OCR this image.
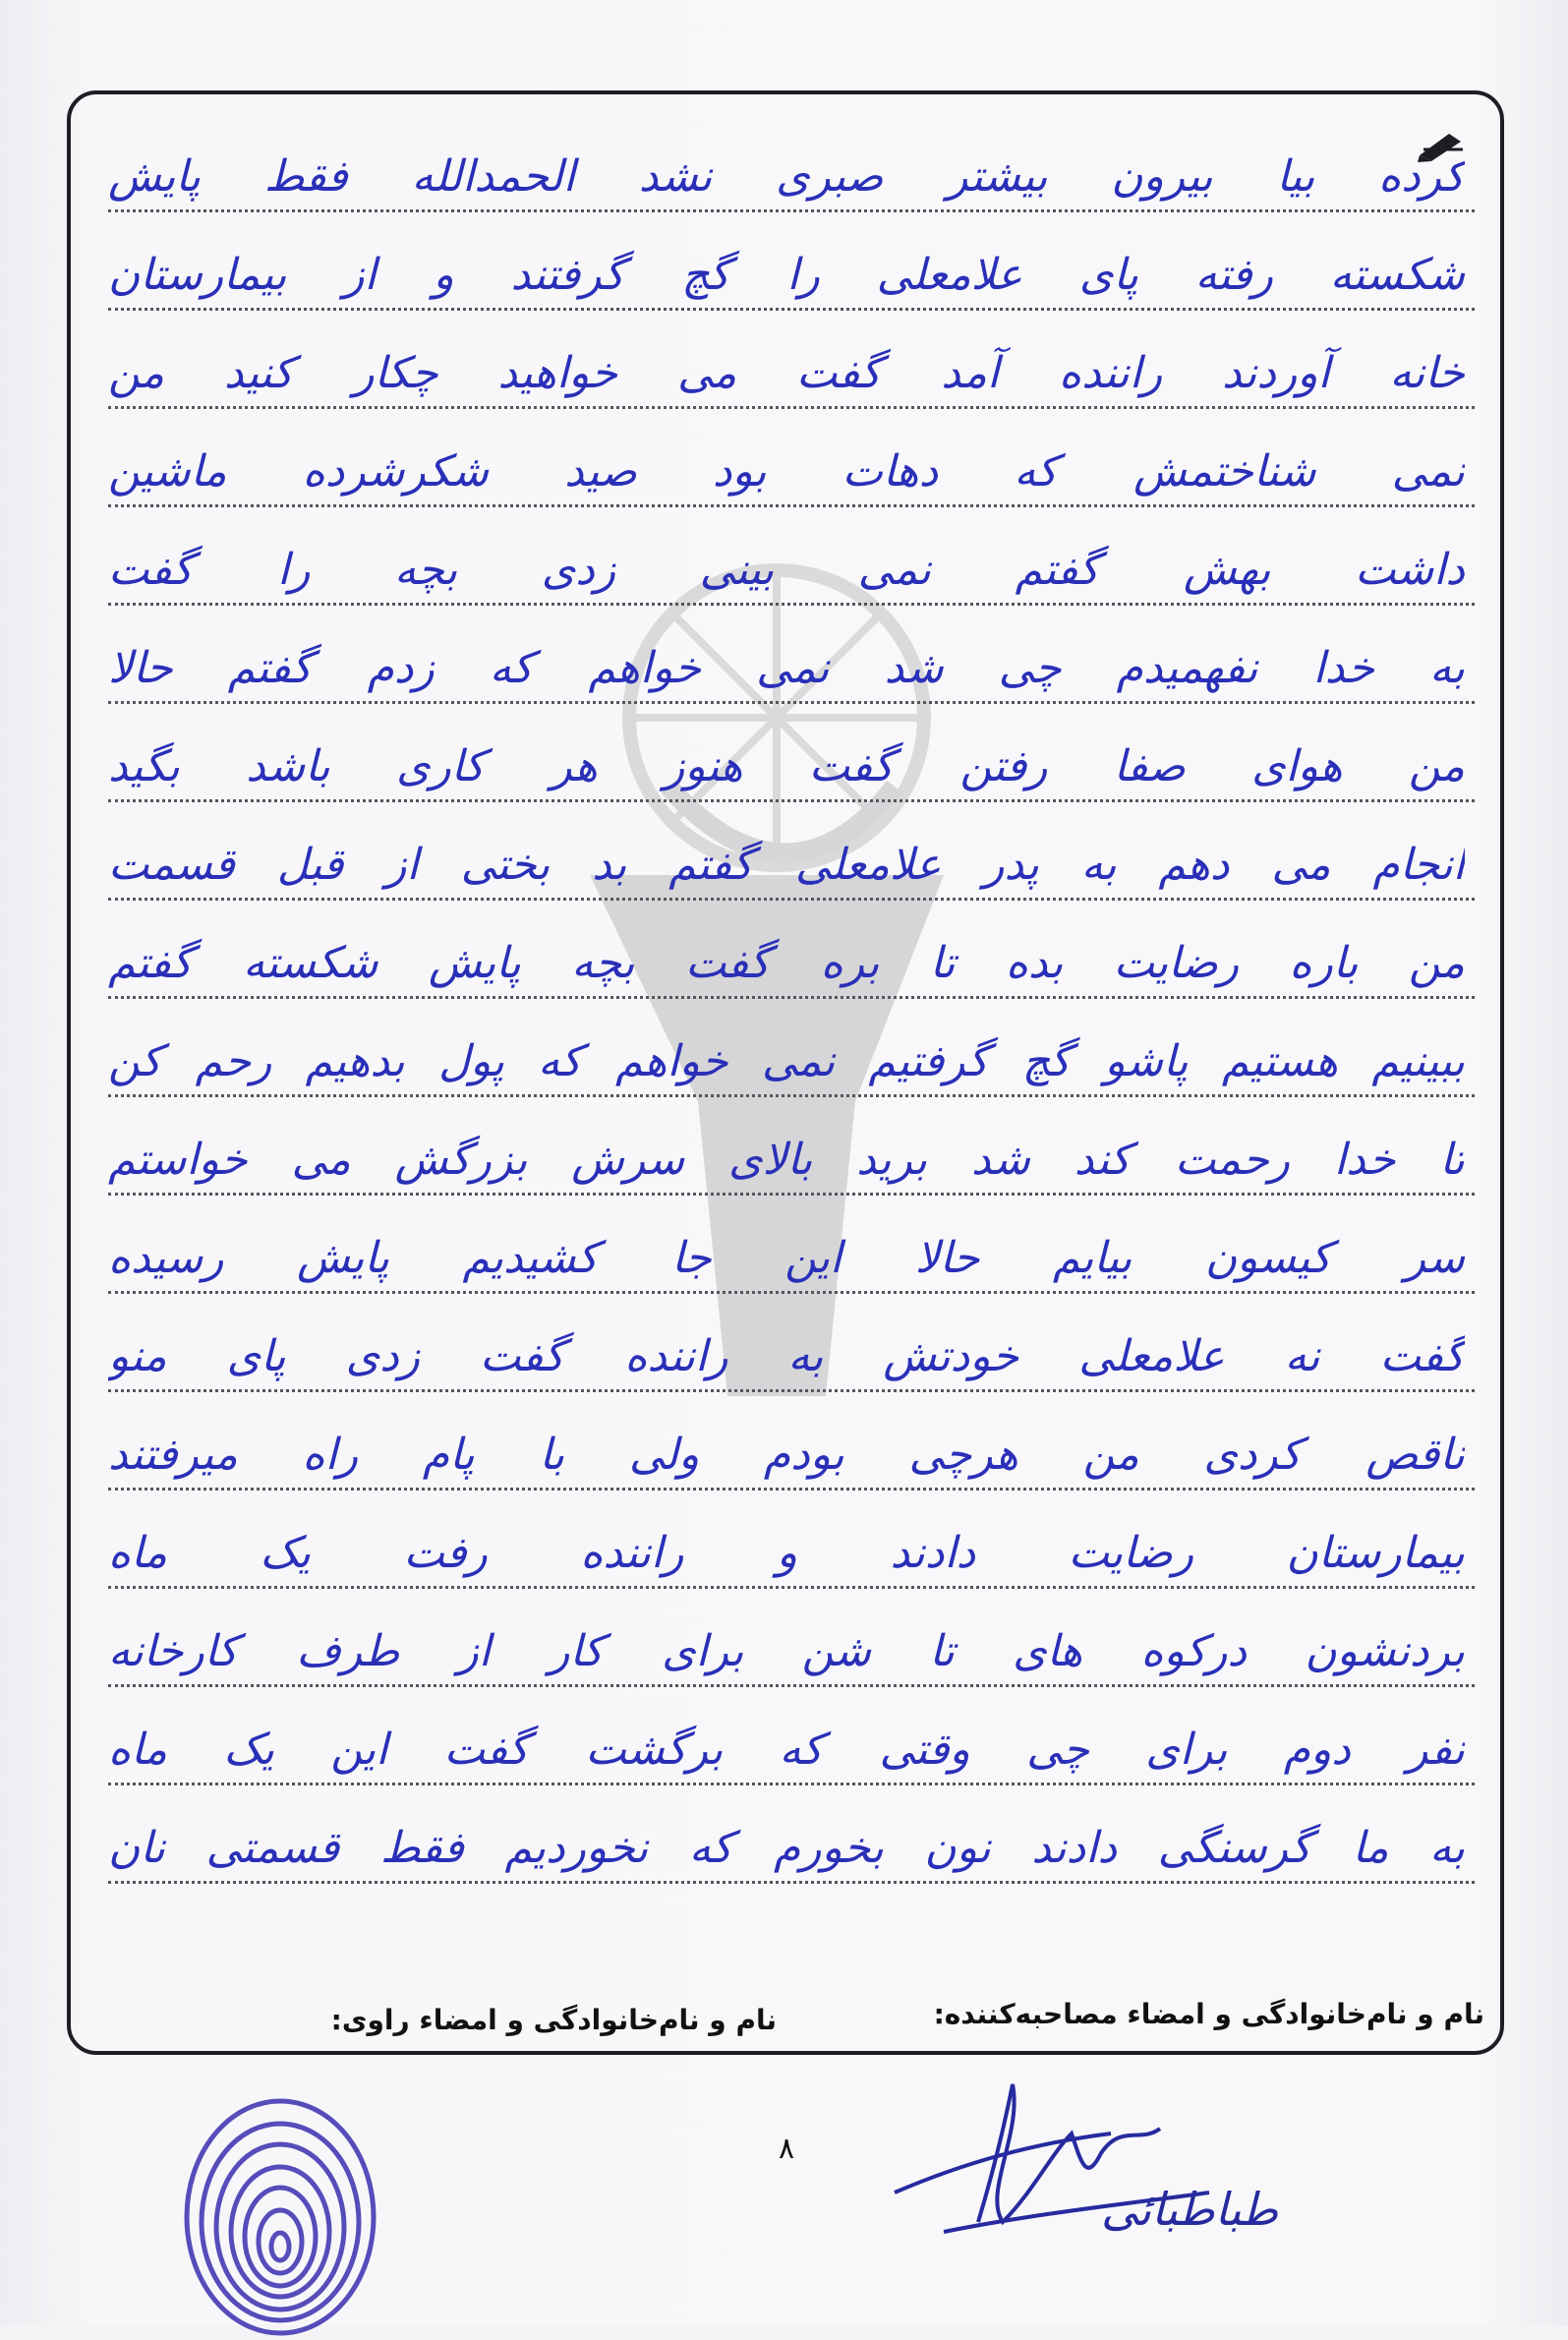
کرده بیا بیرون بیشتر صبری نشد الحمدالله فقط پایش
شکسته رفته پای علامعلی را گچ گرفتند و از بیمارستان
خانه آوردند راننده آمد گفت می خواهید چکار کنید من
نمی شناختمش که دهات بود صید شکرشرده ماشین
داشت بهش گفتم نمی بینی زدی بچه را گفت
به خدا نفهمیدم چی شد نمی خواهم که زدم گفتم حالا
من هوای صفا رفتن گفت هنوز هر کاری باشد بگید
انجام می دهم به پدر علامعلی گفتم بد بختی از قبل قسمت
من باره رضایت بده تا بره گفت بچه پایش شکسته گفتم
ببینیم هستیم پاشو گچ گرفتیم نمی خواهم که پول بدهیم رحم کن
تا خدا رحمت کند شد برید بالای سرش بزرگش می خواستم
سر کیسون بیایم حالا این جا کشیدیم پایش رسیده
گفت نه علامعلی خودتش به راننده گفت زدی پای منو
ناقص کردی من هرچی بودم ولی با پام راه میرفتند
بیمارستان رضایت دادند و راننده رفت یک ماه
بردنشون درکوه های تا شن برای کار از طرف کارخانه
نفر دوم برای چی وقتی که برگشت گفت این یک ماه
به ما گرسنگی دادند نون بخورم که نخوردیم فقط قسمتی نان
نام و نام‌خانوادگی و امضاء مصاحبه‌کننده:
نام و نام‌خانوادگی و امضاء راوی:
۸
طباطبائی
